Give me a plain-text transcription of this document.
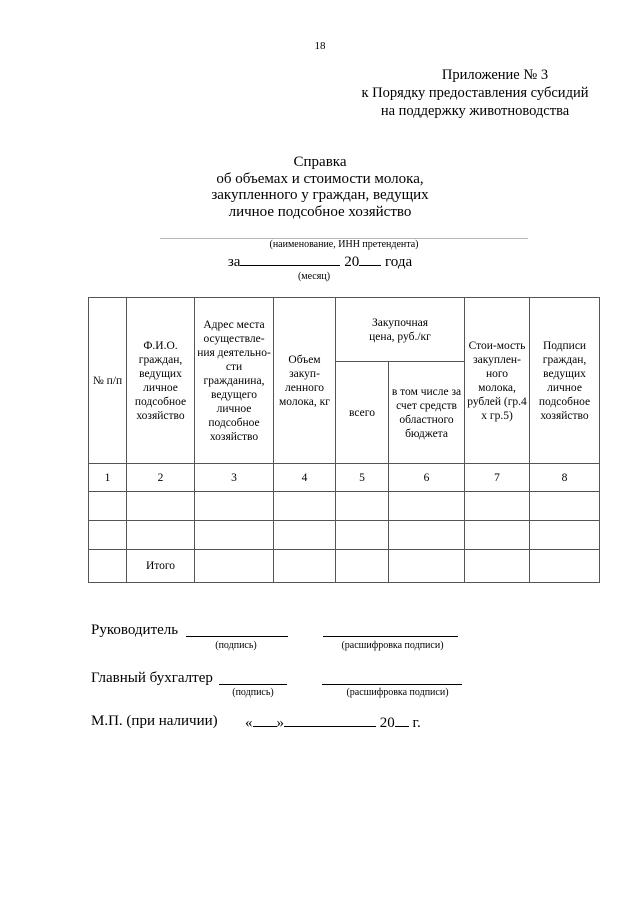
18
Приложение № 3
к Порядку предоставления субсидий
на поддержку животноводства
Справка
об объемах и стоимости молока,
закупленного у граждан, ведущих
личное подсобное хозяйство
(наименование, ИНН претендента)
за	20 года
(месяц)
№ п/п	Ф.И.О. граждан, ведущих личное подсобное хозяйство	Адрес места осуществле-ния деятельно-сти гражданина, ведущего личное подсобное хозяйство	Объем закуп-ленного молока, кг	Закупочная цена, руб./кг		Стои-мость закуплен-ного молока, рублей (гр.4 х гр.5)	Подписи граждан, ведущих личное подсобное хозяйство
				всего	в том числе за счет средств областного бюджета		
1	2	3	4	5	6	7	8

	Итого						
Руководитель
(подпись)	(расшифровка подписи)
Главный бухгалтер
(подпись)	(расшифровка подписи)
М.П. (при наличии) « »	20 г.
